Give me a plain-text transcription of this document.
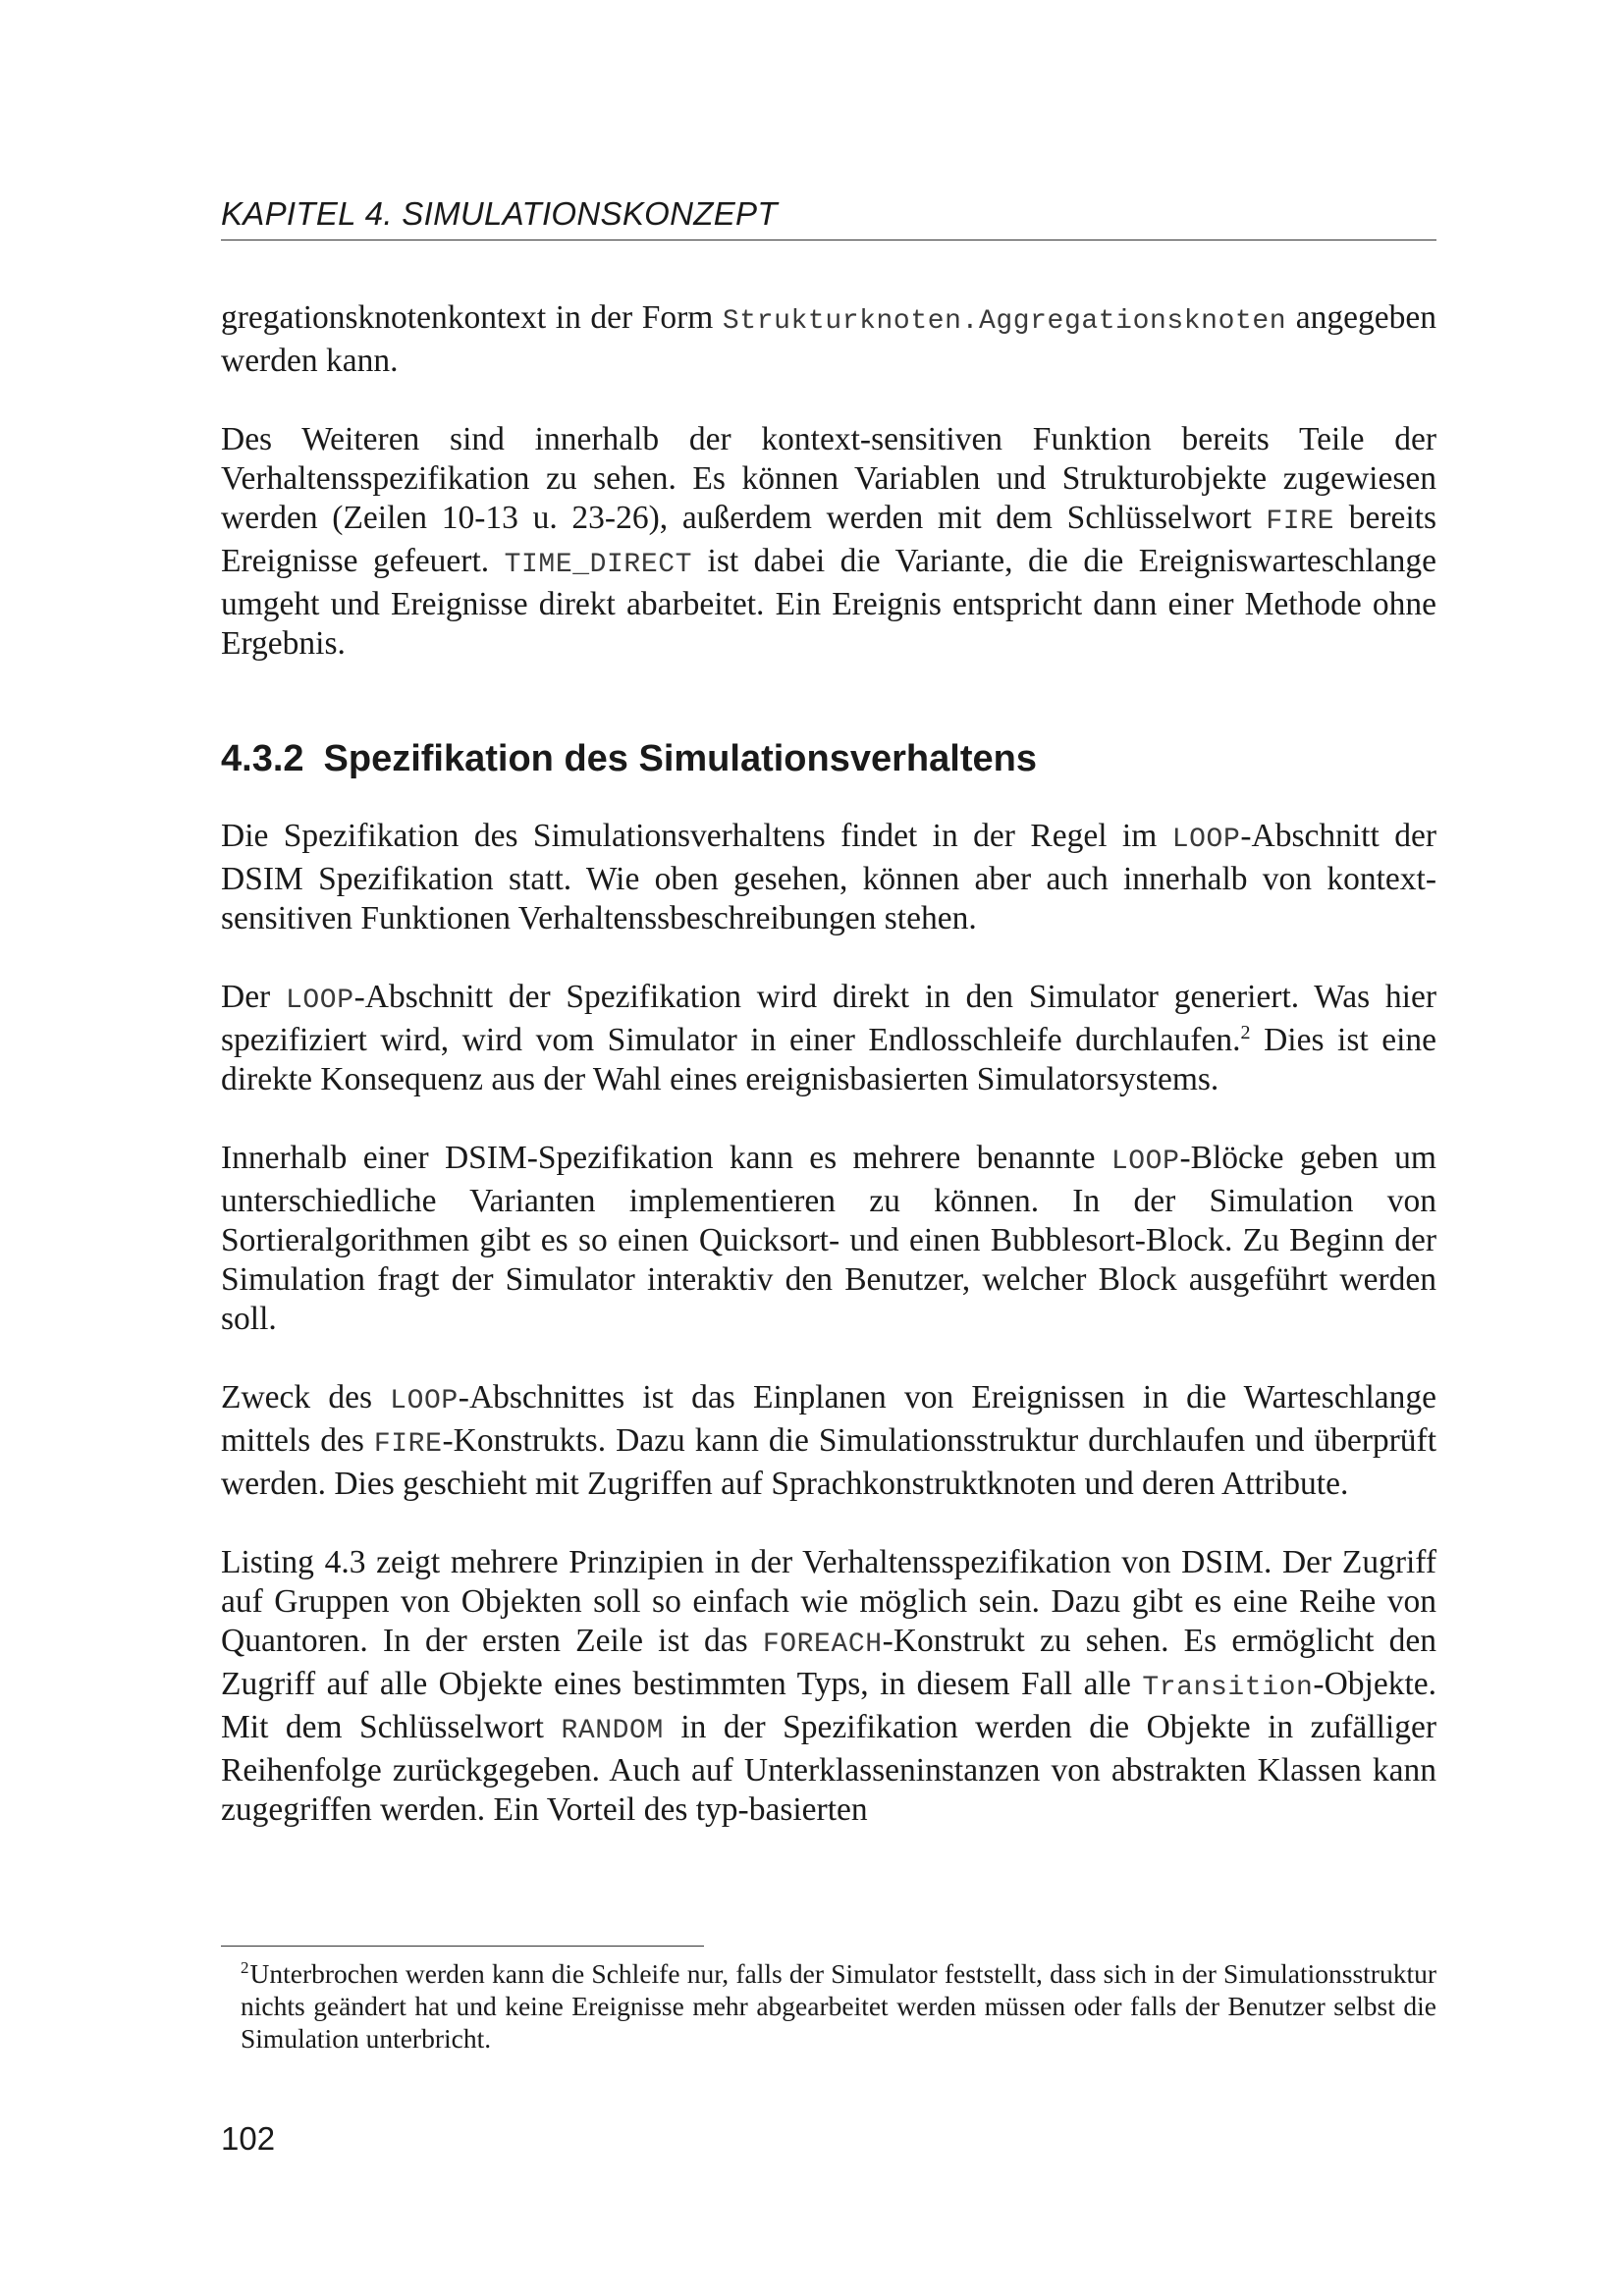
KAPITEL 4. SIMULATIONSKONZEPT

gregationsknotenkontext in der Form Strukturknoten.Aggregationsknoten angegeben werden kann.

Des Weiteren sind innerhalb der kontext-sensitiven Funktion bereits Teile der Verhaltensspezifikation zu sehen. Es können Variablen und Strukturobjekte zugewiesen werden (Zeilen 10-13 u. 23-26), außerdem werden mit dem Schlüsselwort FIRE bereits Ereignisse gefeuert. TIME_DIRECT ist dabei die Variante, die die Ereigniswarteschlange umgeht und Ereignisse direkt abarbeitet. Ein Ereignis entspricht dann einer Methode ohne Ergebnis.

4.3.2 Spezifikation des Simulationsverhaltens

Die Spezifikation des Simulationsverhaltens findet in der Regel im LOOP-Abschnitt der DSIM Spezifikation statt. Wie oben gesehen, können aber auch innerhalb von kontext-sensitiven Funktionen Verhaltenssbeschreibungen stehen.

Der LOOP-Abschnitt der Spezifikation wird direkt in den Simulator generiert. Was hier spezifiziert wird, wird vom Simulator in einer Endlosschleife durchlaufen.$^2$ Dies ist eine direkte Konsequenz aus der Wahl eines ereignisbasierten Simulatorsystems.

Innerhalb einer DSIM-Spezifikation kann es mehrere benannte LOOP-Blöcke geben um unterschiedliche Varianten implementieren zu können. In der Simulation von Sortieralgorithmen gibt es so einen Quicksort- und einen Bubblesort-Block. Zu Beginn der Simulation fragt der Simulator interaktiv den Benutzer, welcher Block ausgeführt werden soll.

Zweck des LOOP-Abschnittes ist das Einplanen von Ereignissen in die Warteschlange mittels des FIRE-Konstrukts. Dazu kann die Simulationsstruktur durchlaufen und überprüft werden. Dies geschieht mit Zugriffen auf Sprachkonstruktknoten und deren Attribute.

Listing 4.3 zeigt mehrere Prinzipien in der Verhaltensspezifikation von DSIM. Der Zugriff auf Gruppen von Objekten soll so einfach wie möglich sein. Dazu gibt es eine Reihe von Quantoren. In der ersten Zeile ist das FOREACH-Konstrukt zu sehen. Es ermöglicht den Zugriff auf alle Objekte eines bestimmten Typs, in diesem Fall alle Transition-Objekte. Mit dem Schlüsselwort RANDOM in der Spezifikation werden die Objekte in zufälliger Reihenfolge zurückgegeben. Auch auf Unterklasseninstanzen von abstrakten Klassen kann zugegriffen werden. Ein Vorteil des typ-basierten

$^2$Unterbrochen werden kann die Schleife nur, falls der Simulator feststellt, dass sich in der Simulationsstruktur nichts geändert hat und keine Ereignisse mehr abgearbeitet werden müssen oder falls der Benutzer selbst die Simulation unterbricht.
102
